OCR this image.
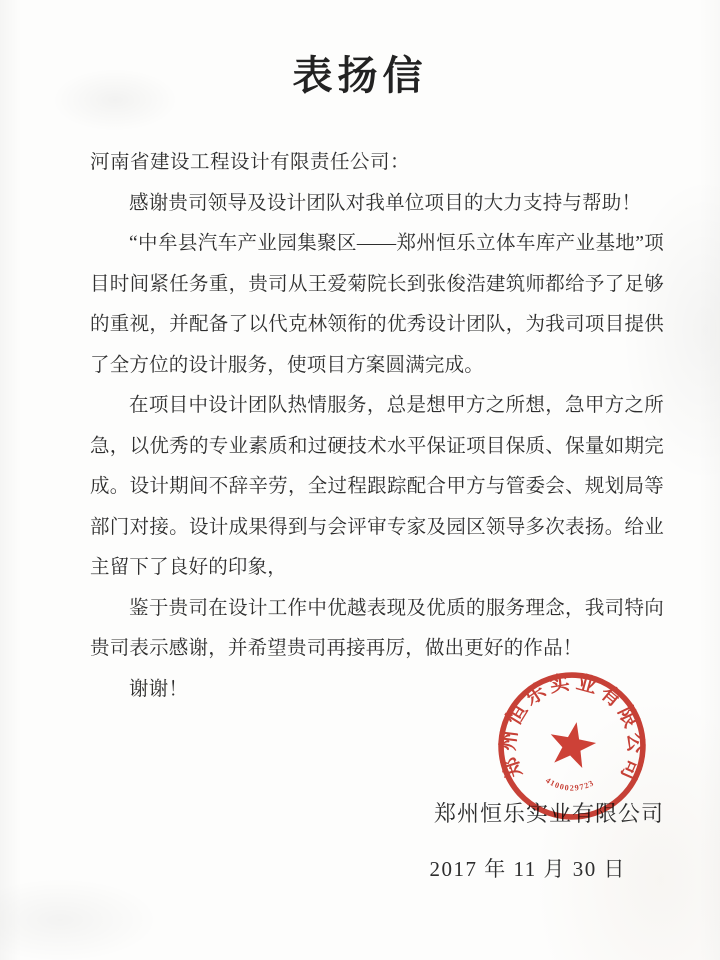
表扬信
河南省建设工程设计有限责任公司：

感谢贵司领导及设计团队对我单位项目的大力支持与帮助！

“中牟县汽车产业园集聚区——郑州恒乐立体车库产业基地”项目时间紧任务重，贵司从王爱菊院长到张俊浩建筑师都给予了足够的重视，并配备了以代克林领衔的优秀设计团队，为我司项目提供了全方位的设计服务，使项目方案圆满完成。

在项目中设计团队热情服务，总是想甲方之所想，急甲方之所急，以优秀的专业素质和过硬技术水平保证项目保质、保量如期完成。设计期间不辞辛劳，全过程跟踪配合甲方与管委会、规划局等部门对接。设计成果得到与会评审专家及园区领导多次表扬。给业主留下了良好的印象，

鉴于贵司在设计工作中优越表现及优质的服务理念，我司特向贵司表示感谢，并希望贵司再接再厉，做出更好的作品！

谢谢！

郑州恒乐实业有限公司
2017 年 11 月 30 日
郑州恒乐实业有限公司
4100029723
